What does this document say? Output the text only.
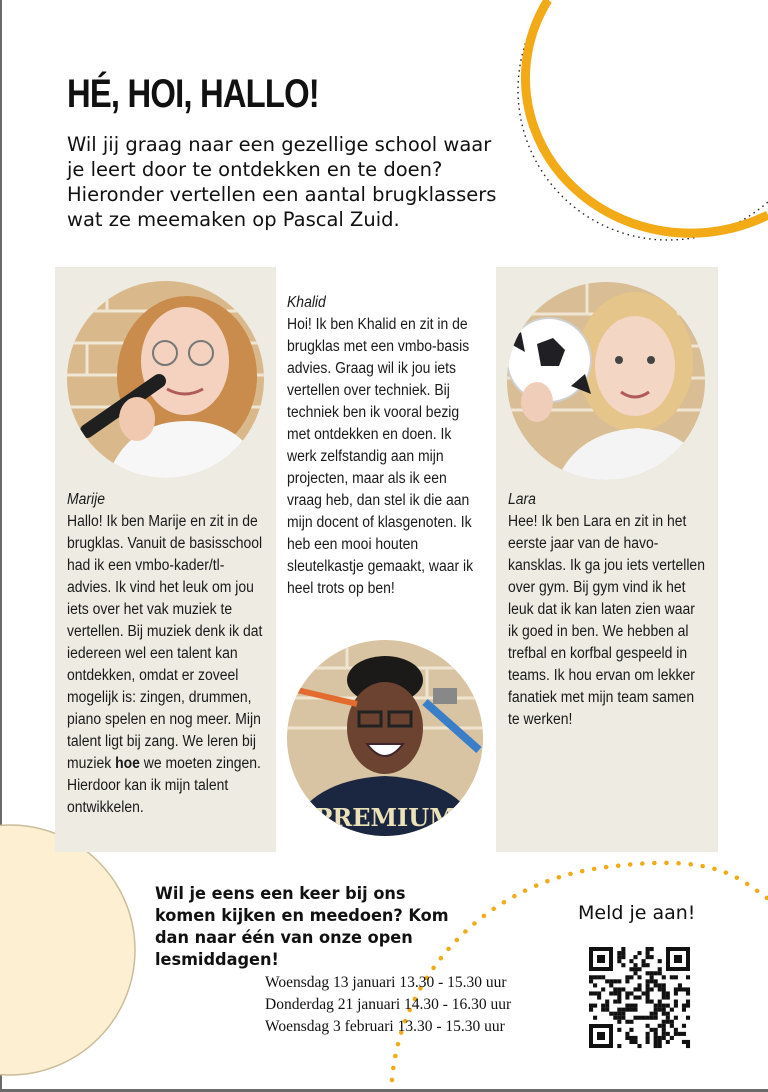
HÉ, HOI, HALLO!

Wil jij graag naar een gezellige school waar je leert door te ontdekken en te doen? Hieronder vertellen een aantal brugklassers wat ze meemaken op Pascal Zuid.

Marije
Hallo! Ik ben Marije en zit in de brugklas. Vanuit de basisschool had ik een vmbo-kader/tl-advies. Ik vind het leuk om jou iets over het vak muziek te vertellen. Bij muziek denk ik dat iedereen wel een talent kan ontdekken, omdat er zoveel mogelijk is: zingen, drummen, piano spelen en nog meer. Mijn talent ligt bij zang. We leren bij muziek hoe we moeten zingen. Hierdoor kan ik mijn talent ontwikkelen.

Khalid
Hoi! Ik ben Khalid en zit in de brugklas met een vmbo-basis advies. Graag wil ik jou iets vertellen over techniek. Bij techniek ben ik vooral bezig met ontdekken en doen. Ik werk zelfstandig aan mijn projecten, maar als ik een vraag heb, dan stel ik die aan mijn docent of klasgenoten. Ik heb een mooi houten sleutelkastje gemaakt, waar ik heel trots op ben!

PREMIUM

Lara
Hee! Ik ben Lara en zit in het eerste jaar van de havo-kansklas. Ik ga jou iets vertellen over gym. Bij gym vind ik het leuk dat ik kan laten zien waar ik goed in ben. We hebben al trefbal en korfbal gespeeld in teams. Ik hou ervan om lekker fanatiek met mijn team samen te werken!

Wil je eens een keer bij ons komen kijken en meedoen? Kom dan naar één van onze open lesmiddagen!

Woensdag 13 januari 13.30 - 15.30 uur
Donderdag 21 januari 14.30 - 16.30 uur
Woensdag 3 februari 13.30 - 15.30 uur

Meld je aan!
